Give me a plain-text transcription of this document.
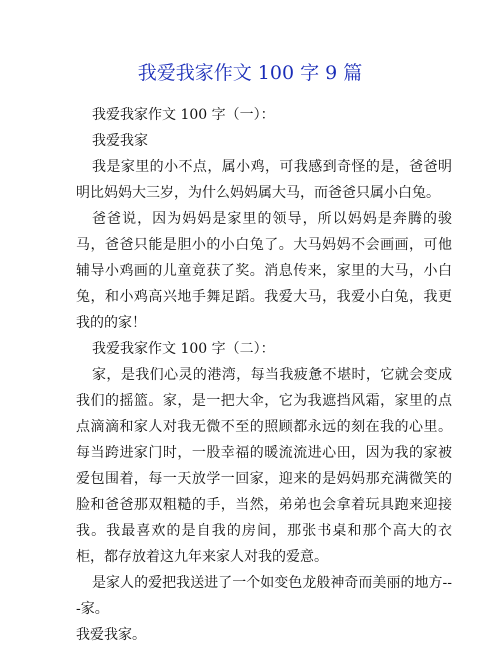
我爱我家作文 100 字 9 篇

我爱我家作文 100 字（一）：

我爱我家

我是家里的小不点，属小鸡，可我感到奇怪的是，爸爸明明比妈妈大三岁，为什么妈妈属大马，而爸爸只属小白兔。

爸爸说，因为妈妈是家里的领导，所以妈妈是奔腾的骏马，爸爸只能是胆小的小白兔了。大马妈妈不会画画，可他辅导小鸡画的儿童竟获了奖。消息传来，家里的大马，小白兔，和小鸡高兴地手舞足蹈。我爱大马，我爱小白兔，我更我的的家！

我爱我家作文 100 字（二）：

家，是我们心灵的港湾，每当我疲惫不堪时，它就会变成我们的摇篮。家，是一把大伞，它为我遮挡风霜，家里的点点滴滴和家人对我无微不至的照顾都永远的刻在我的心里。每当跨进家门时，一股幸福的暖流流进心田，因为我的家被爱包围着，每一天放学一回家，迎来的是妈妈那充满微笑的脸和爸爸那双粗糙的手，当然，弟弟也会拿着玩具跑来迎接我。我最喜欢的是自我的房间，那张书桌和那个高大的衣柜，都存放着这九年来家人对我的爱意。

是家人的爱把我送进了一个如变色龙般神奇而美丽的地方---家。

我爱我家。
